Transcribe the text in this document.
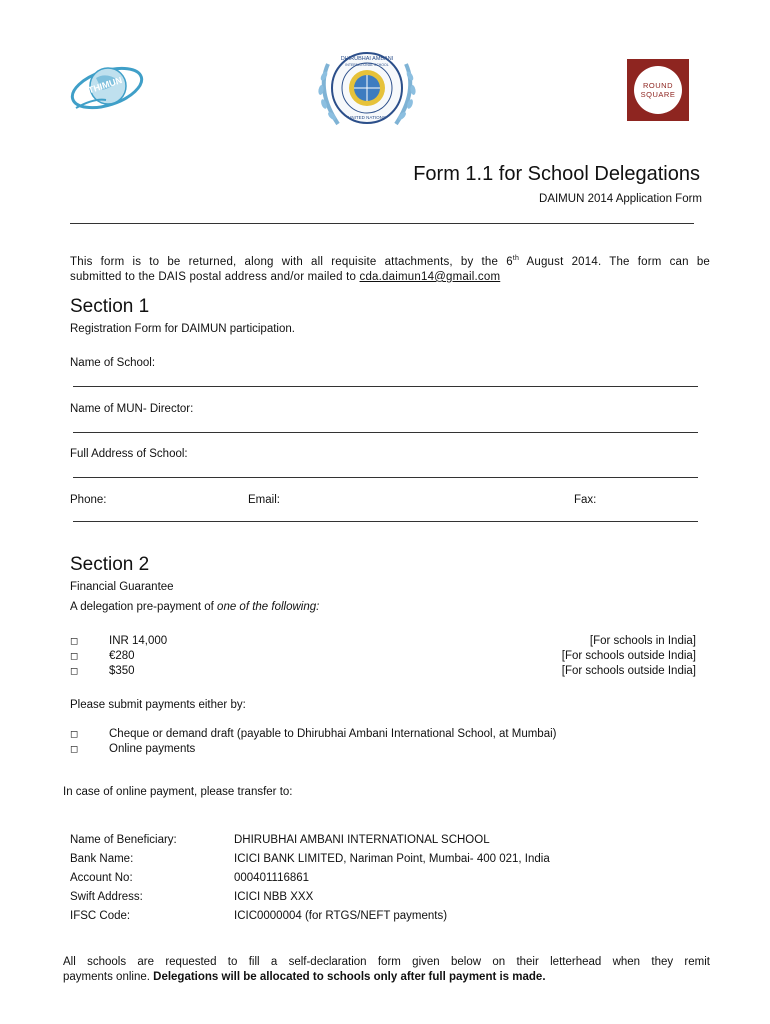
THIMUN
DHIRUBHAI AMBANI
INTERNATIONAL SCHOOL
UNITED NATIONS
ROUND
SQUARE
Form 1.1 for School Delegations
DAIMUN 2014 Application Form
This form is to be returned, along with all requisite attachments, by the 6th August 2014. The form can be
submitted to the DAIS postal address and/or mailed to cda.daimun14@gmail.com
Section 1
Registration Form for DAIMUN participation.
Name of School:
Name of MUN- Director:
Full Address of School:
Phone:	Email:	Fax:
Section 2
Financial Guarantee
A delegation pre-payment of one of the following:
◻	INR 14,000	[For schools in India]
◻	€280	[For schools outside India]
◻	$350	[For schools outside India]
Please submit payments either by:
◻	Cheque or demand draft (payable to Dhirubhai Ambani International School, at Mumbai)
◻	Online payments
In case of online payment, please transfer to:
Name of Beneficiary:	DHIRUBHAI AMBANI INTERNATIONAL SCHOOL
Bank Name:	ICICI BANK LIMITED, Nariman Point, Mumbai- 400 021, India
Account No:	000401116861
Swift Address:	ICICI NBB XXX
IFSC Code:	ICIC0000004 (for RTGS/NEFT payments)
All schools are requested to fill a self-declaration form given below on their letterhead when they remit
payments online. Delegations will be allocated to schools only after full payment is made.
